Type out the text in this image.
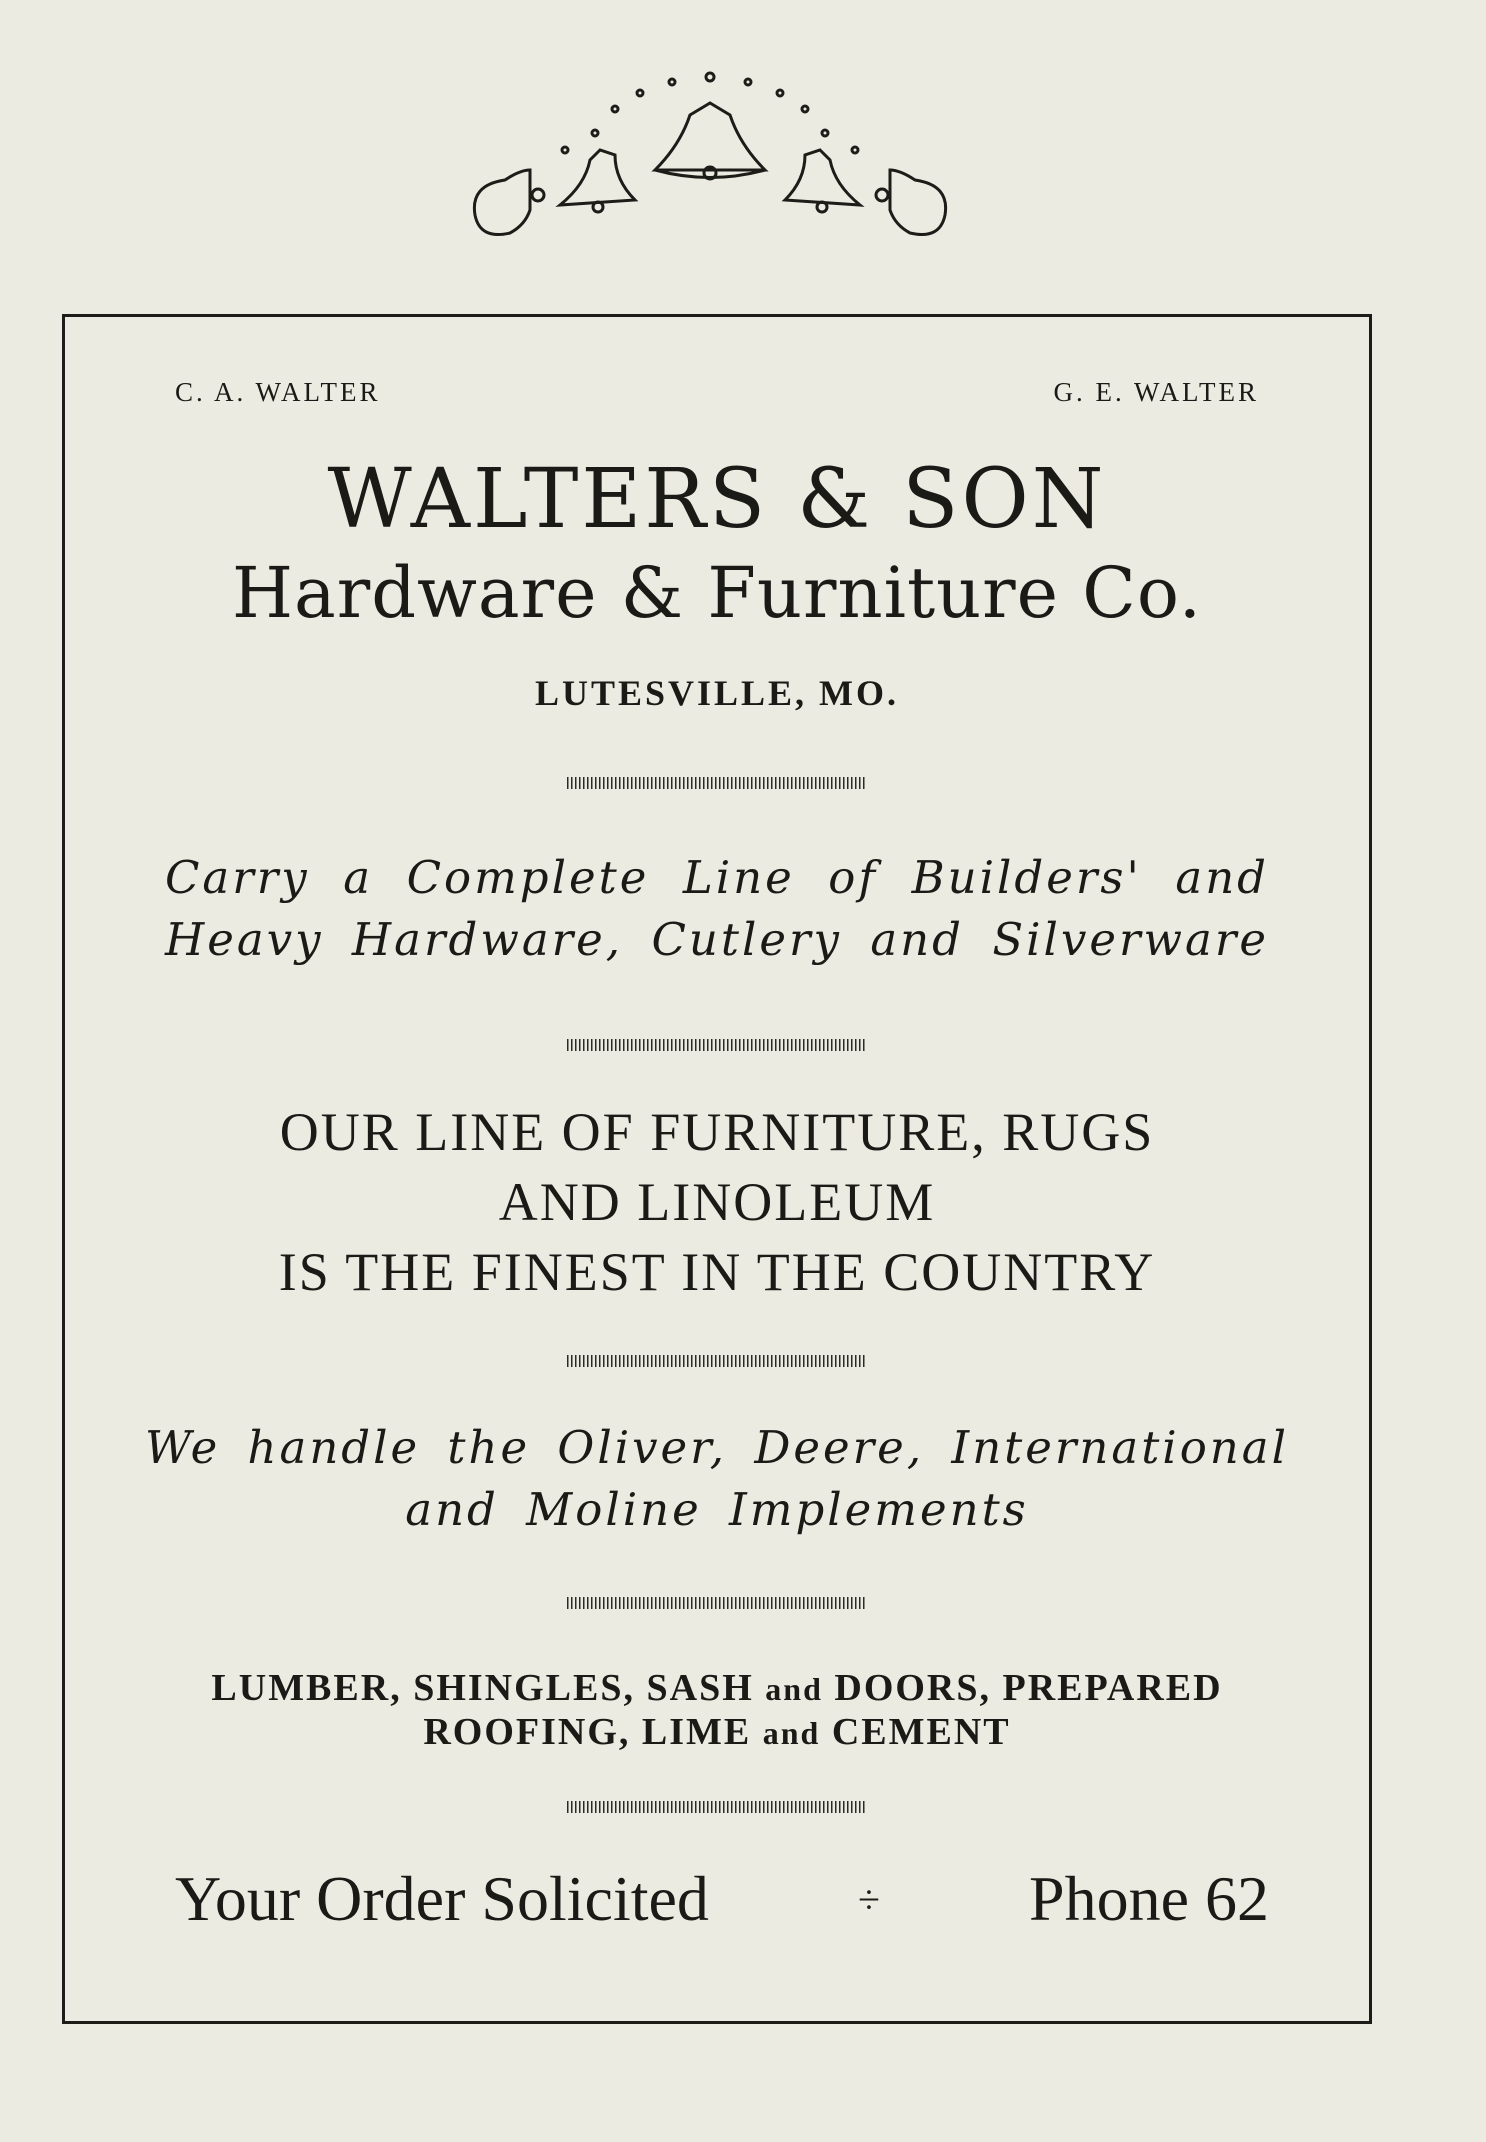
C. A. WALTER	G. E. WALTER
WALTERS & SON
Hardware & Furniture Co.
LUTESVILLE, MO.
Carry a Complete Line of Builders' and
Heavy Hardware, Cutlery and Silverware
OUR LINE OF FURNITURE, RUGS
AND LINOLEUM
IS THE FINEST IN THE COUNTRY
We handle the Oliver, Deere, International
and Moline Implements
LUMBER, SHINGLES, SASH and DOORS, PREPARED
ROOFING, LIME and CEMENT
Your Order Solicited	÷ Phone 62
